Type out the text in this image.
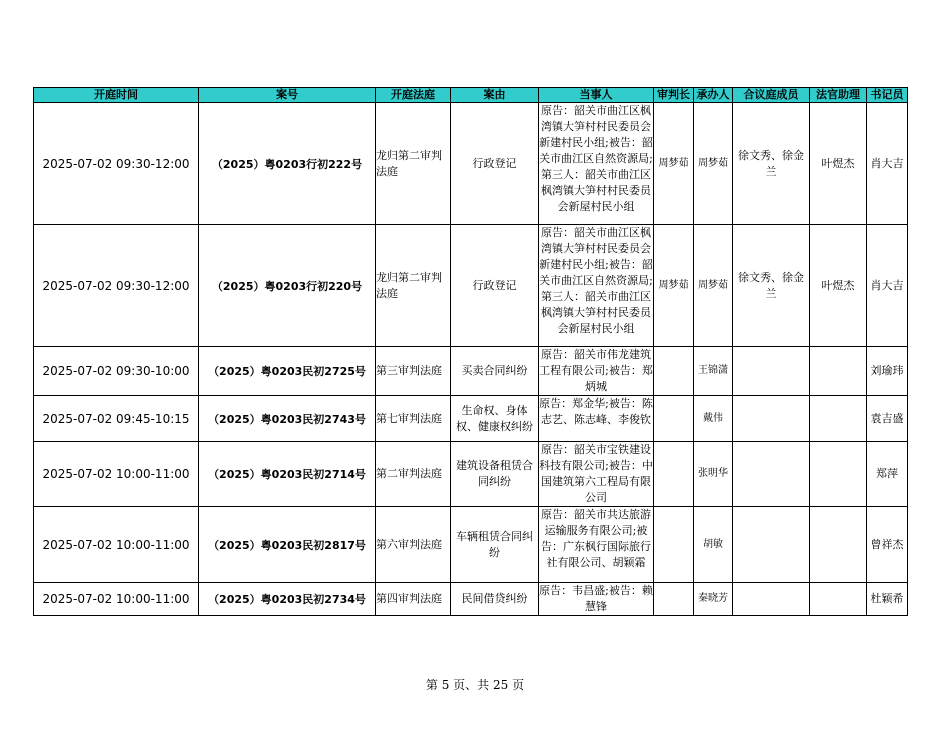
开庭时间	案号	开庭法庭	案由	当事人	审判长	承办人	合议庭成员	法官助理	书记员
2025-07-02 09:30-12:00	（2025）粤0203行初222号	龙归第二审判法庭	行政登记	原告：韶关市曲江区枫湾镇大笋村村民委员会新建村民小组;被告：韶关市曲江区自然资源局;第三人：韶关市曲江区枫湾镇大笋村村民委员会新屋村民小组	周梦茹	周梦茹	徐文秀、徐金兰	叶煜杰	肖大吉
2025-07-02 09:30-12:00	（2025）粤0203行初220号	龙归第二审判法庭	行政登记	原告：韶关市曲江区枫湾镇大笋村村民委员会新建村民小组;被告：韶关市曲江区自然资源局;第三人：韶关市曲江区枫湾镇大笋村村民委员会新屋村民小组	周梦茹	周梦茹	徐文秀、徐金兰	叶煜杰	肖大吉
2025-07-02 09:30-10:00	（2025）粤0203民初2725号	第三审判法庭	买卖合同纠纷	原告：韶关市伟龙建筑工程有限公司;被告：郑炳城		王锦潇			刘瑜玮
2025-07-02 09:45-10:15	（2025）粤0203民初2743号	第七审判法庭	生命权、身体权、健康权纠纷	原告：郑金华;被告：陈志艺、陈志峰、李俊钦		戴伟			袁吉盛
2025-07-02 10:00-11:00	（2025）粤0203民初2714号	第二审判法庭	建筑设备租赁合同纠纷	原告：韶关市宝铁建设科技有限公司;被告：中国建筑第六工程局有限公司		张明华			郑萍
2025-07-02 10:00-11:00	（2025）粤0203民初2817号	第六审判法庭	车辆租赁合同纠纷	原告：韶关市共达旅游运输服务有限公司;被告：广东枫行国际旅行社有限公司、胡颖霜		胡敏			曾祥杰
2025-07-02 10:00-11:00	（2025）粤0203民初2734号	第四审判法庭	民间借贷纠纷	原告：韦昌盛;被告：赖慧锋		秦晓芳			杜颖希
第 5 页、共 25 页
